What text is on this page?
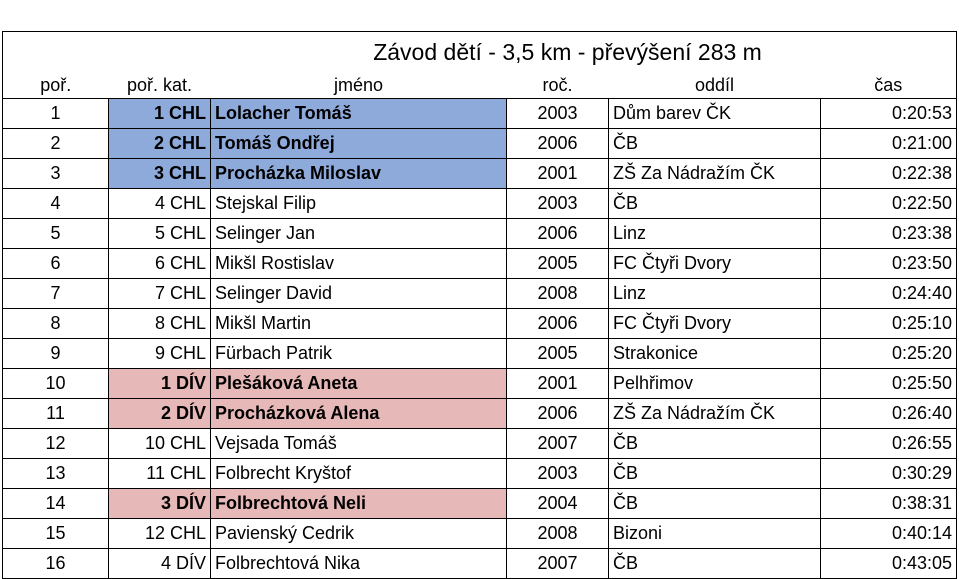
Závod dětí - 3,5 km - převýšení 283 m					
poř.	poř. kat.	jméno	roč.	oddíl	čas
1	1 CHL	Lolacher Tomáš	2003	Dům barev ČK	0:20:53
2	2 CHL	Tomáš Ondřej	2006	ČB	0:21:00
3	3 CHL	Procházka Miloslav	2001	ZŠ Za Nádražím ČK	0:22:38
4	4 CHL	Stejskal Filip	2003	ČB	0:22:50
5	5 CHL	Selinger Jan	2006	Linz	0:23:38
6	6 CHL	Mikšl Rostislav	2005	FC Čtyři Dvory	0:23:50
7	7 CHL	Selinger David	2008	Linz	0:24:40
8	8 CHL	Mikšl Martin	2006	FC Čtyři Dvory	0:25:10
9	9 CHL	Fürbach Patrik	2005	Strakonice	0:25:20
10	1 DÍV	Plešáková Aneta	2001	Pelhřimov	0:25:50
11	2 DÍV	Procházková Alena	2006	ZŠ Za Nádražím ČK	0:26:40
12	10 CHL	Vejsada Tomáš	2007	ČB	0:26:55
13	11 CHL	Folbrecht Kryštof	2003	ČB	0:30:29
14	3 DÍV	Folbrechtová Neli	2004	ČB	0:38:31
15	12 CHL	Pavienský Cedrik	2008	Bizoni	0:40:14
16	4 DÍV	Folbrechtová Nika	2007	ČB	0:43:05
